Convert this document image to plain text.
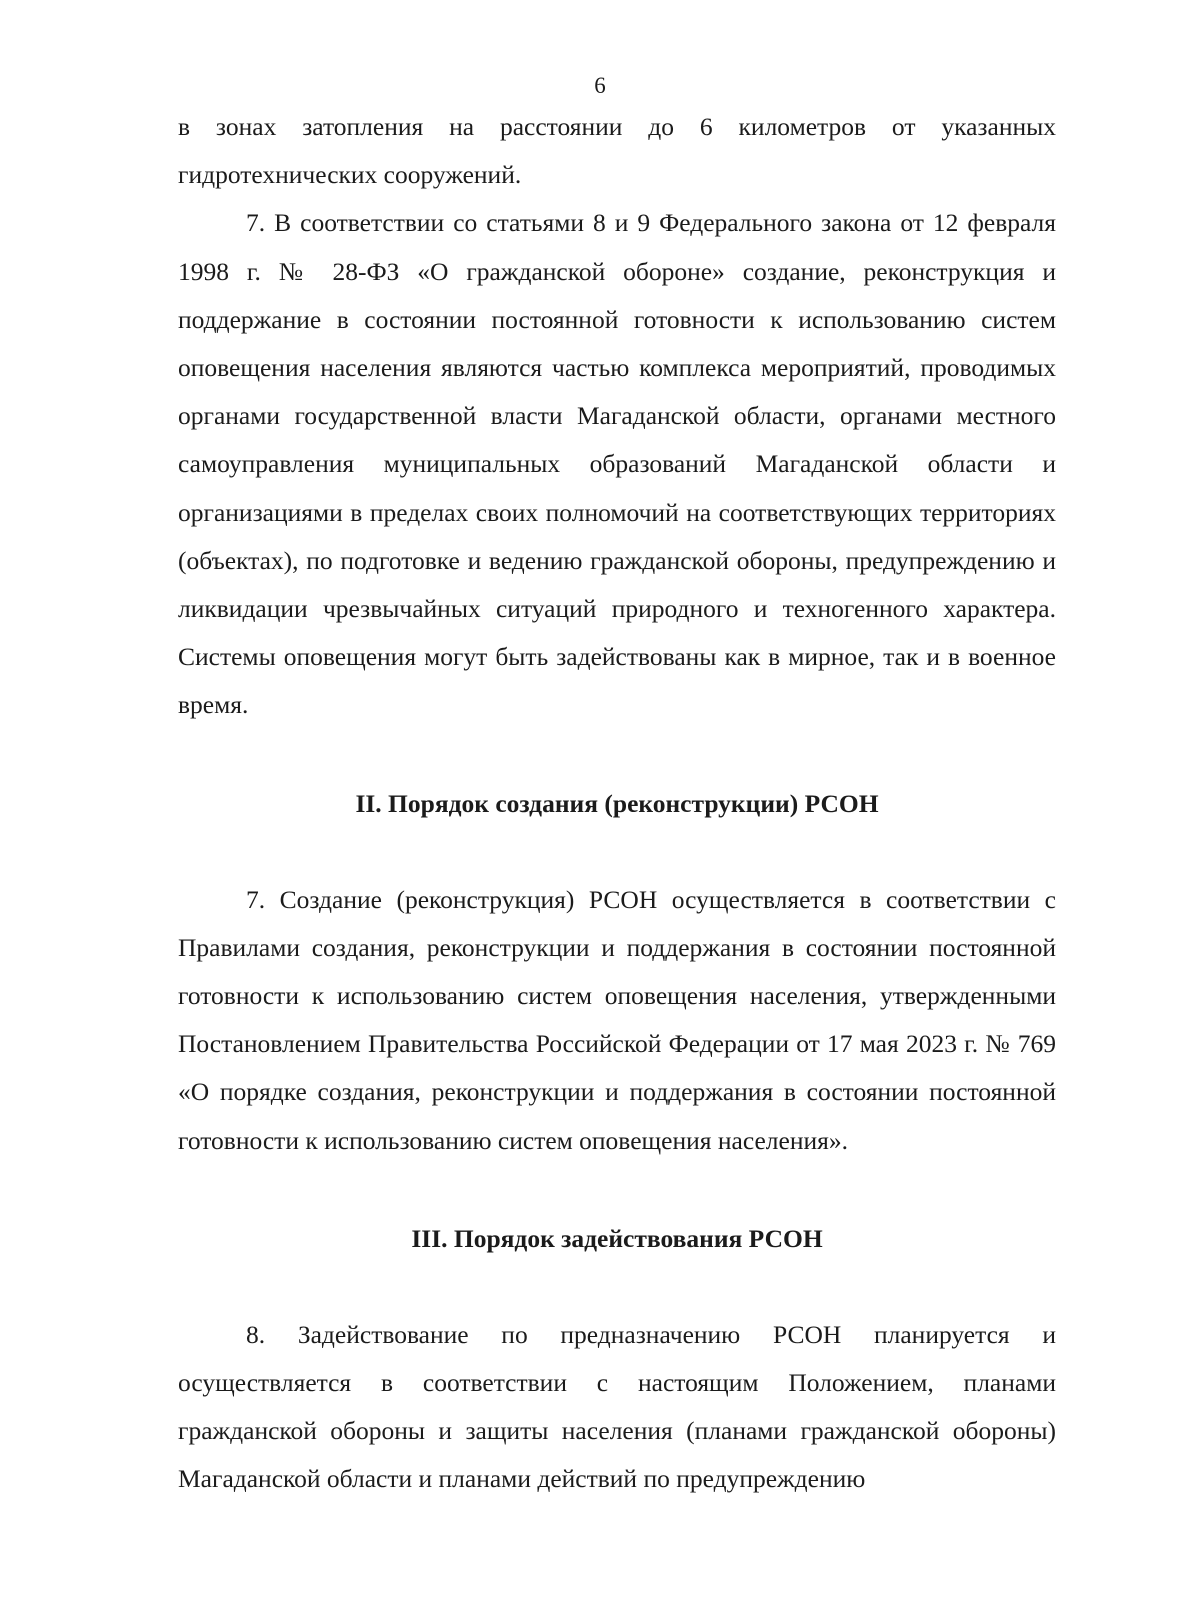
6

в зонах затопления на расстоянии до 6 километров от указанных гидротехнических сооружений.

7. В соответствии со статьями 8 и 9 Федерального закона от 12 февраля 1998 г. № 28-ФЗ «О гражданской обороне» создание, реконструкция и поддержание в состоянии постоянной готовности к использованию систем оповещения населения являются частью комплекса мероприятий, проводимых органами государственной власти Магаданской области, органами местного самоуправления муниципальных образований Магаданской области и организациями в пределах своих полномочий на соответствующих территориях (объектах), по подготовке и ведению гражданской обороны, предупреждению и ликвидации чрезвычайных ситуаций природного и техногенного характера. Системы оповещения могут быть задействованы как в мирное, так и в военное время.

II. Порядок создания (реконструкции) РСОН

7. Создание (реконструкция) РСОН осуществляется в соответствии с Правилами создания, реконструкции и поддержания в состоянии постоянной готовности к использованию систем оповещения населения, утвержденными Постановлением Правительства Российской Федерации от 17 мая 2023 г. № 769 «О порядке создания, реконструкции и поддержания в состоянии постоянной готовности к использованию систем оповещения населения».

III. Порядок задействования РСОН

8. Задействование по предназначению РСОН планируется и осуществляется в соответствии с настоящим Положением, планами гражданской обороны и защиты населения (планами гражданской обороны) Магаданской области и планами действий по предупреждению
